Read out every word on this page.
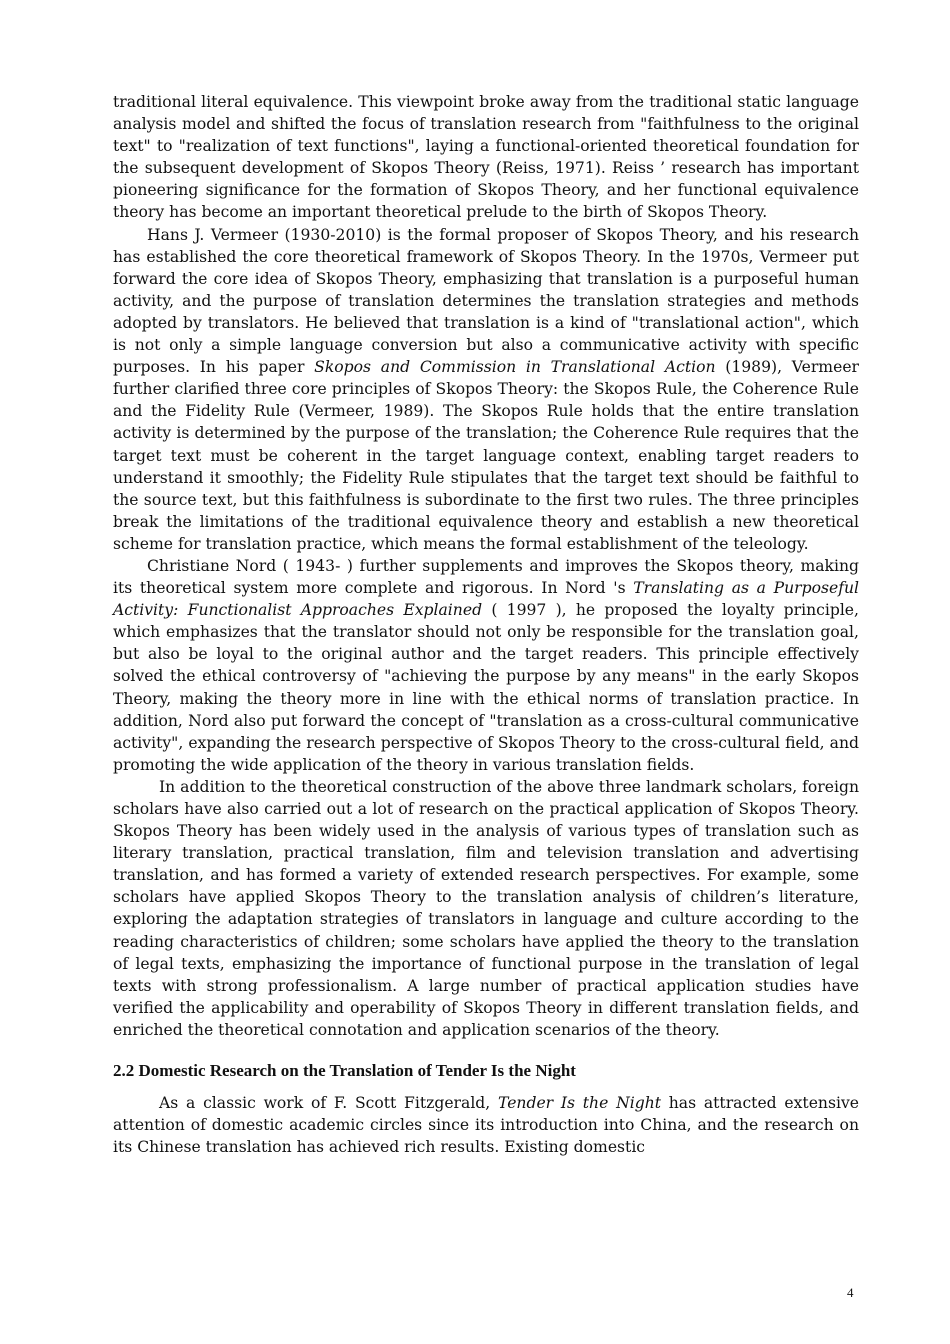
traditional literal equivalence. This viewpoint broke away from the traditional static language analysis model and shifted the focus of translation research from "faithfulness to the original text" to "realization of text functions", laying a functional-oriented theoretical foundation for the subsequent development of Skopos Theory (Reiss, 1971). Reiss ’ research has important pioneering significance for the formation of Skopos Theory, and her functional equivalence theory has become an important theoretical prelude to the birth of Skopos Theory.

Hans J. Vermeer (1930-2010) is the formal proposer of Skopos Theory, and his research has established the core theoretical framework of Skopos Theory. In the 1970s, Vermeer put forward the core idea of Skopos Theory, emphasizing that translation is a purposeful human activity, and the purpose of translation determines the translation strategies and methods adopted by translators. He believed that translation is a kind of "translational action", which is not only a simple language conversion but also a communicative activity with specific purposes. In his paper Skopos and Commission in Translational Action (1989), Vermeer further clarified three core principles of Skopos Theory: the Skopos Rule, the Coherence Rule and the Fidelity Rule (Vermeer, 1989). The Skopos Rule holds that the entire translation activity is determined by the purpose of the translation; the Coherence Rule requires that the target text must be coherent in the target language context, enabling target readers to understand it smoothly; the Fidelity Rule stipulates that the target text should be faithful to the source text, but this faithfulness is subordinate to the first two rules. The three principles break the limitations of the traditional equivalence theory and establish a new theoretical scheme for translation practice, which means the formal establishment of the teleology.

Christiane Nord ( 1943- ) further supplements and improves the Skopos theory, making its theoretical system more complete and rigorous. In Nord 's Translating as a Purposeful Activity: Functionalist Approaches Explained ( 1997 ), he proposed the loyalty principle, which emphasizes that the translator should not only be responsible for the translation goal, but also be loyal to the original author and the target readers. This principle effectively solved the ethical controversy of "achieving the purpose by any means" in the early Skopos Theory, making the theory more in line with the ethical norms of translation practice. In addition, Nord also put forward the concept of "translation as a cross-cultural communicative activity", expanding the research perspective of Skopos Theory to the cross-cultural field, and promoting the wide application of the theory in various translation fields.

In addition to the theoretical construction of the above three landmark scholars, foreign scholars have also carried out a lot of research on the practical application of Skopos Theory. Skopos Theory has been widely used in the analysis of various types of translation such as literary translation, practical translation, film and television translation and advertising translation, and has formed a variety of extended research perspectives. For example, some scholars have applied Skopos Theory to the translation analysis of children’s literature, exploring the adaptation strategies of translators in language and culture according to the reading characteristics of children; some scholars have applied the theory to the translation of legal texts, emphasizing the importance of functional purpose in the translation of legal texts with strong professionalism. A large number of practical application studies have verified the applicability and operability of Skopos Theory in different translation fields, and enriched the theoretical connotation and application scenarios of the theory.

2.2 Domestic Research on the Translation of Tender Is the Night

As a classic work of F. Scott Fitzgerald, Tender Is the Night has attracted extensive attention of domestic academic circles since its introduction into China, and the research on its Chinese translation has achieved rich results. Existing domestic

4
